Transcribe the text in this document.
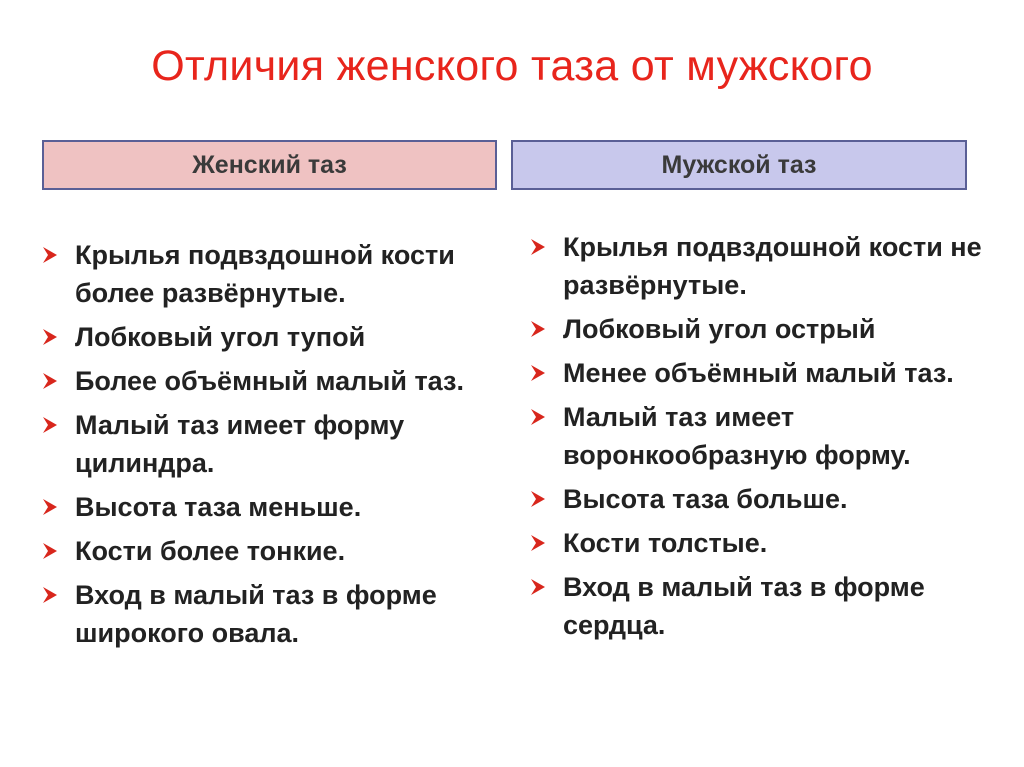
Отличия женского таза от мужского
Женский таз	Мужской таз
Крылья подвздошной кости более развёрнутые.
Лобковый угол тупой
Более объёмный малый таз.
Малый таз имеет форму цилиндра.
Высота таза меньше.
Кости более тонкие.
Вход в малый таз в форме широкого овала.
Крылья подвздошной кости не развёрнутые.
Лобковый угол острый
Менее объёмный малый таз.
Малый таз имеет воронкообразную форму.
Высота таза больше.
Кости толстые.
Вход в малый таз в форме сердца.
